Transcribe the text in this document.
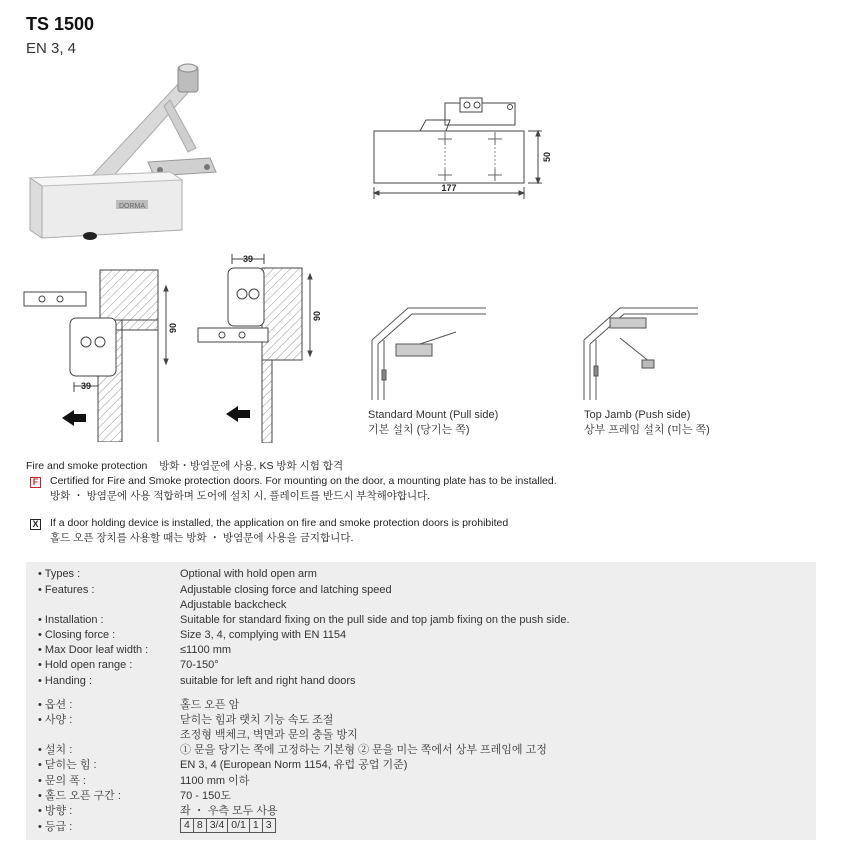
TS 1500
EN 3, 4
DORMA
177
50
90
39
39
90
Standard Mount (Pull side)
기본 설치 (당기는 쪽)
Top Jamb (Push side)
상부 프레임 설치 (미는 쪽)
Fire and smoke protection 방화・방염문에 사용, KS 방화 시험 합격
F Certified for Fire and Smoke protection doors. For mounting on the door, a mounting plate has to be installed.
방화 ・ 방염문에 사용 적합하며 도어에 설치 시, 플레이트를 반드시 부착해야합니다.
X If a door holding device is installed, the application on fire and smoke protection doors is prohibited
홀드 오픈 장치를 사용할 때는 방화 ・ 방염문에 사용을 금지합니다.
• Types :	Optional with hold open arm
• Features :	Adjustable closing force and latching speed
Adjustable backcheck
• Installation :	Suitable for standard fixing on the pull side and top jamb fixing on the push side.
• Closing force :	Size 3, 4, complying with EN 1154
• Max Door leaf width :	≤1100 mm
• Hold open range :	70-150°
• Handing :	suitable for left and right hand doors
• 옵션 :	홀드 오픈 암
• 사양 :	닫히는 힘과 랫치 기능 속도 조절
조정형 백체크, 벽면과 문의 충돌 방지
• 설치 :	① 문을 당기는 쪽에 고정하는 기본형 ② 문을 미는 쪽에서 상부 프레임에 고정
• 닫히는 힘 :	EN 3, 4 (European Norm 1154, 유럽 공업 기준)
• 문의 폭 :	1100 mm 이하
• 홀드 오픈 구간 :	70 - 150도
• 방향 :	좌 ・ 우측 모두 사용
• 등급 :	4 8 3/4 0/1 1 3
